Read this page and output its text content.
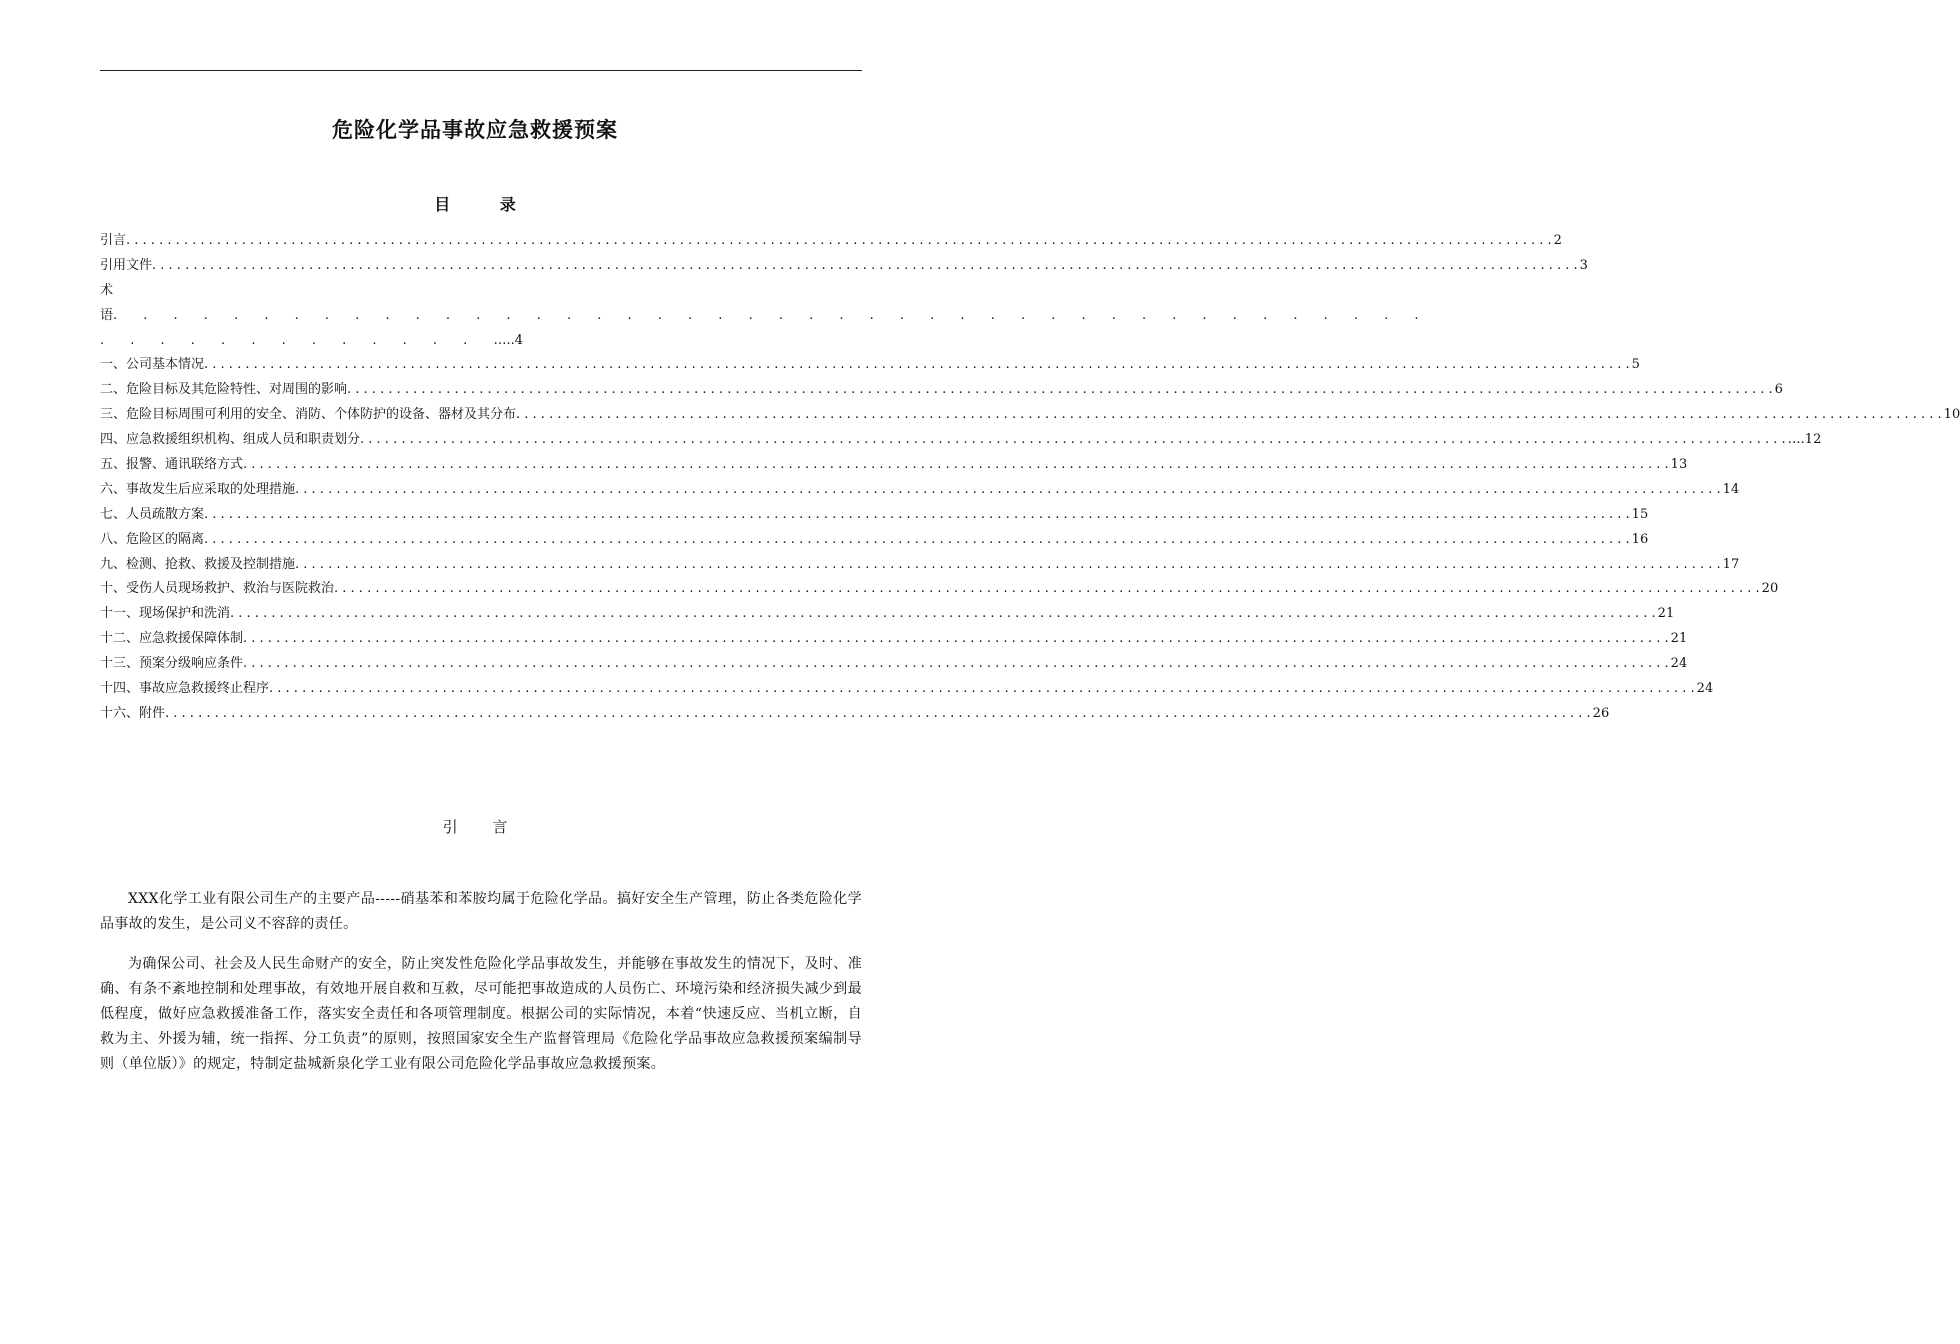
危险化学品事故应急救援预案
目 录
引言 . . .	2
引用文件 . . .	3
术
语. . . . . . . . . . . . . . . . . . . . . . . . . . . . . . . . . . . . . . . . . . . .
. . . . . . . . . . . . . …..4
一、公司基本情况 . . .	5
二、危险目标及其危险特性、对周围的影响 . . .	6
三、危险目标周围可利用的安全、消防、个体防护的设备、器材及其分布 . . .	10
四、应急救援组织机构、组成人员和职责划分 . . .	….12
五、报警、通讯联络方式 . . .	13
六、事故发生后应采取的处理措施 . . .	14
七、人员疏散方案 . . .	15
八、危险区的隔离 . . .	16
九、检测、抢救、救援及控制措施 . . .	17
十、受伤人员现场救护、救治与医院救治 . . .	20
十一、现场保护和洗消 . . .	21
十二、应急救援保障体制 . . .	21
十三、预案分级响应条件 . . .	24
十四、事故应急救援终止程序 . . .	24
十六、附件 . . .	26
引 言
XXX化学工业有限公司生产的主要产品-----硝基苯和苯胺均属于危险化学品。搞好安全生产管理，防止各类危险化学品事故的发生，是公司义不容辞的责任。
为确保公司、社会及人民生命财产的安全，防止突发性危险化学品事故发生，并能够在事故发生的情况下，及时、准确、有条不紊地控制和处理事故，有效地开展自救和互救，尽可能把事故造成的人员伤亡、环境污染和经济损失减少到最低程度，做好应急救援准备工作，落实安全责任和各项管理制度。根据公司的实际情况，本着“快速反应、当机立断，自救为主、外援为辅，统一指挥、分工负责”的原则，按照国家安全生产监督管理局《危险化学品事故应急救援预案编制导则（单位版）》的规定，特制定盐城新泉化学工业有限公司危险化学品事故应急救援预案。
